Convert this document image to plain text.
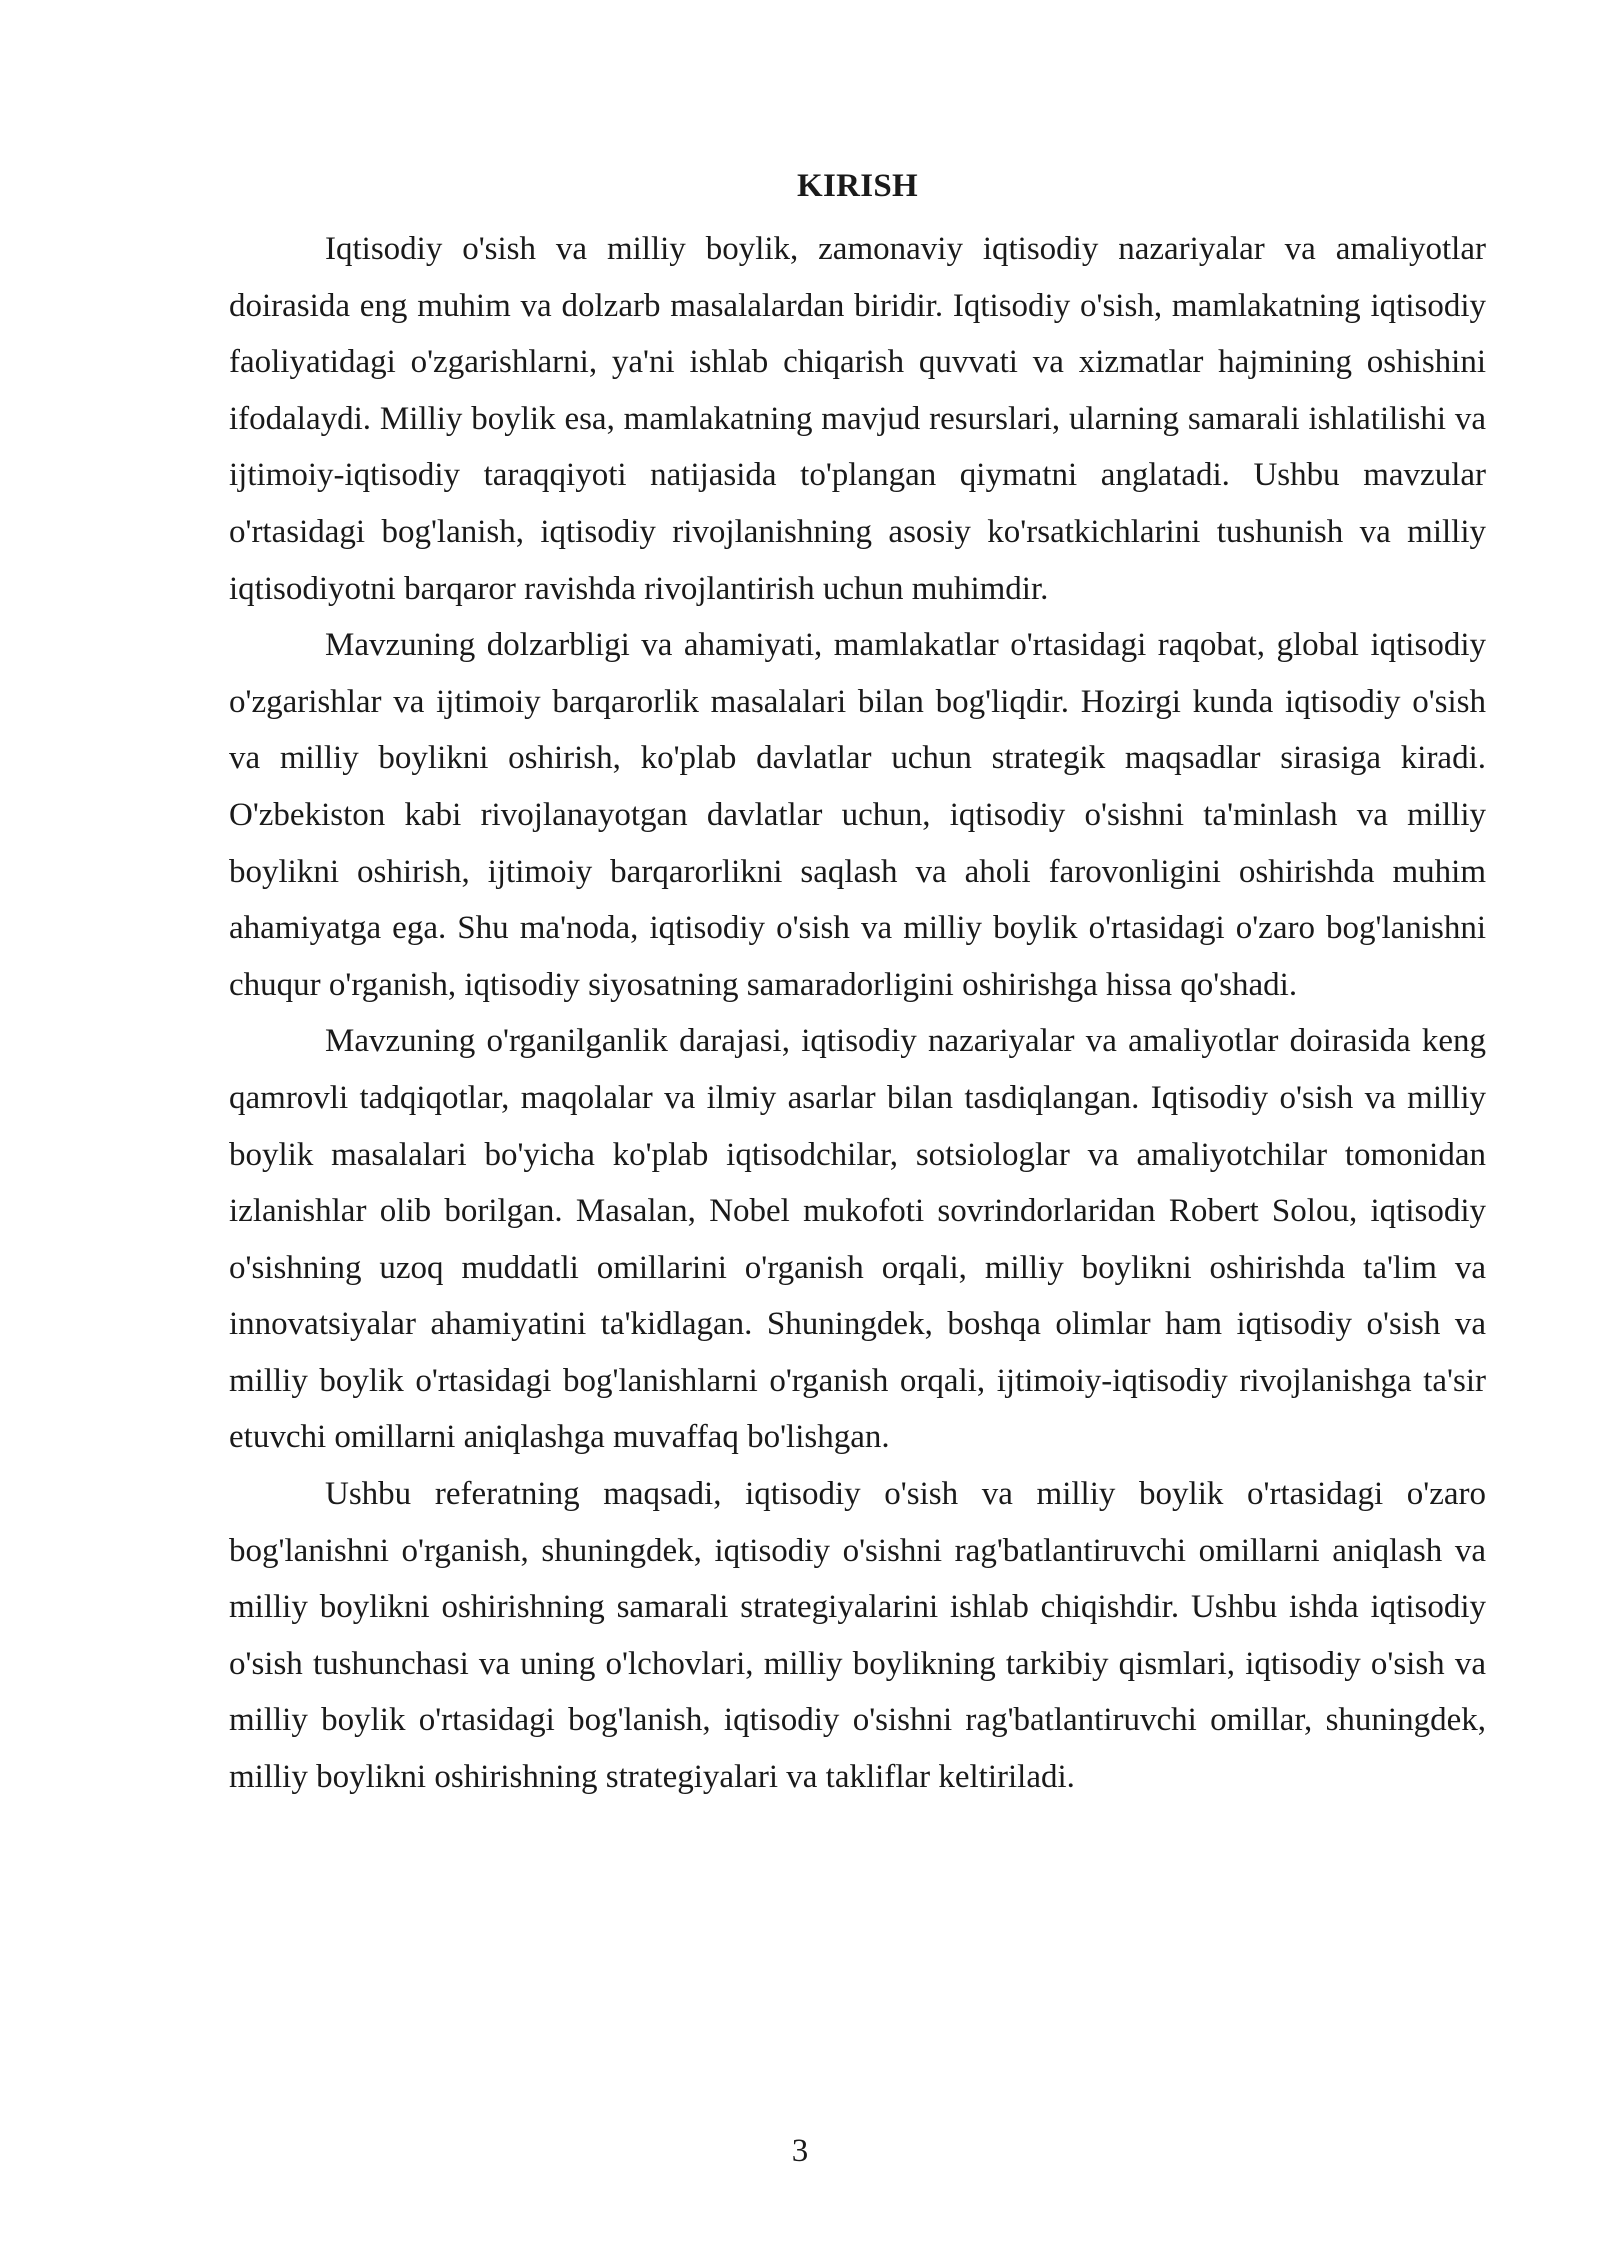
KIRISH

Iqtisodiy o'sish va milliy boylik, zamonaviy iqtisodiy nazariyalar va amaliyotlar doirasida eng muhim va dolzarb masalalardan biridir. Iqtisodiy o'sish, mamlakatning iqtisodiy faoliyatidagi o'zgarishlarni, ya'ni ishlab chiqarish quvvati va xizmatlar hajmining oshishini ifodalaydi. Milliy boylik esa, mamlakatning mavjud resurslari, ularning samarali ishlatilishi va ijtimoiy-iqtisodiy taraqqiyoti natijasida to'plangan qiymatni anglatadi. Ushbu mavzular o'rtasidagi bog'lanish, iqtisodiy rivojlanishning asosiy ko'rsatkichlarini tushunish va milliy iqtisodiyotni barqaror ravishda rivojlantirish uchun muhimdir.

Mavzuning dolzarbligi va ahamiyati, mamlakatlar o'rtasidagi raqobat, global iqtisodiy o'zgarishlar va ijtimoiy barqarorlik masalalari bilan bog'liqdir. Hozirgi kunda iqtisodiy o'sish va milliy boylikni oshirish, ko'plab davlatlar uchun strategik maqsadlar sirasiga kiradi. O'zbekiston kabi rivojlanayotgan davlatlar uchun, iqtisodiy o'sishni ta'minlash va milliy boylikni oshirish, ijtimoiy barqarorlikni saqlash va aholi farovonligini oshirishda muhim ahamiyatga ega. Shu ma'noda, iqtisodiy o'sish va milliy boylik o'rtasidagi o'zaro bog'lanishni chuqur o'rganish, iqtisodiy siyosatning samaradorligini oshirishga hissa qo'shadi.

Mavzuning o'rganilganlik darajasi, iqtisodiy nazariyalar va amaliyotlar doirasida keng qamrovli tadqiqotlar, maqolalar va ilmiy asarlar bilan tasdiqlangan. Iqtisodiy o'sish va milliy boylik masalalari bo'yicha ko'plab iqtisodchilar, sotsiologlar va amaliyotchilar tomonidan izlanishlar olib borilgan. Masalan, Nobel mukofoti sovrindorlaridan Robert Solou, iqtisodiy o'sishning uzoq muddatli omillarini o'rganish orqali, milliy boylikni oshirishda ta'lim va innovatsiyalar ahamiyatini ta'kidlagan. Shuningdek, boshqa olimlar ham iqtisodiy o'sish va milliy boylik o'rtasidagi bog'lanishlarni o'rganish orqali, ijtimoiy-iqtisodiy rivojlanishga ta'sir etuvchi omillarni aniqlashga muvaffaq bo'lishgan.

Ushbu referatning maqsadi, iqtisodiy o'sish va milliy boylik o'rtasidagi o'zaro bog'lanishni o'rganish, shuningdek, iqtisodiy o'sishni rag'batlantiruvchi omillarni aniqlash va milliy boylikni oshirishning samarali strategiyalarini ishlab chiqishdir. Ushbu ishda iqtisodiy o'sish tushunchasi va uning o'lchovlari, milliy boylikning tarkibiy qismlari, iqtisodiy o'sish va milliy boylik o'rtasidagi bog'lanish, iqtisodiy o'sishni rag'batlantiruvchi omillar, shuningdek, milliy boylikni oshirishning strategiyalari va takliflar keltiriladi.

3
